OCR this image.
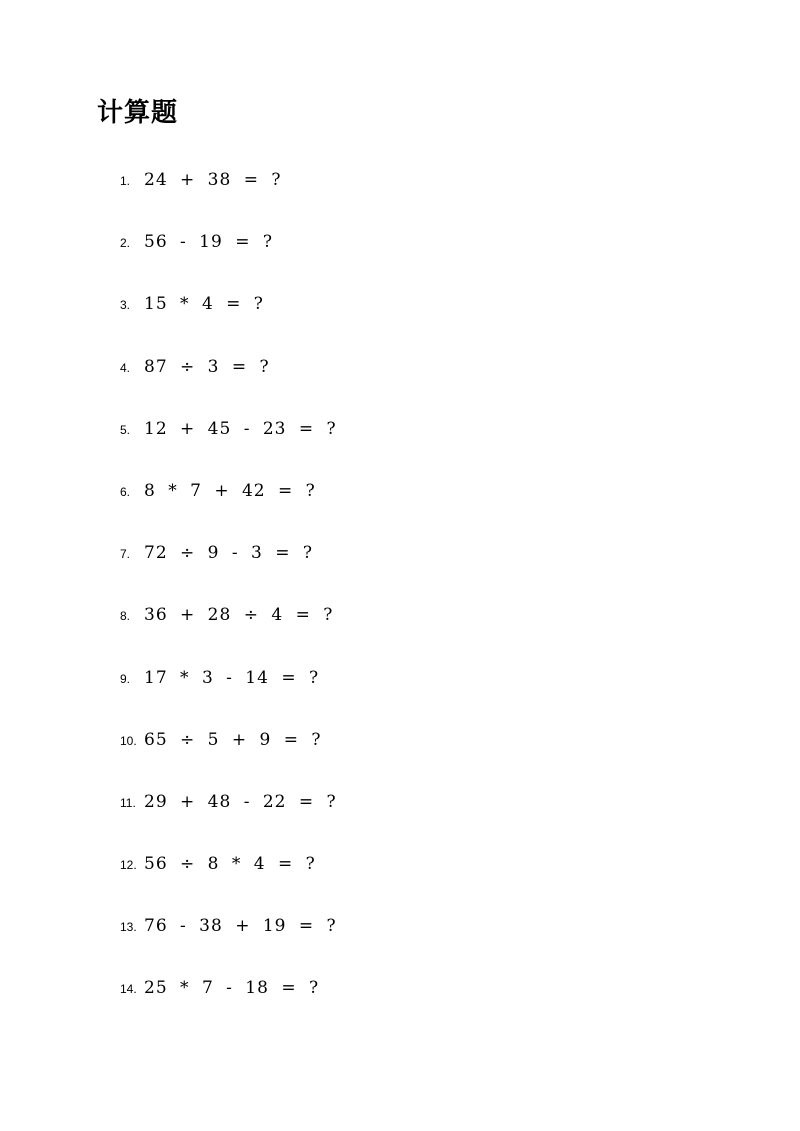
计算题
1. 24 + 38 = ?
2. 56 - 19 = ?
3. 15 * 4 = ?
4. 87 ÷ 3 = ?
5. 12 + 45 - 23 = ?
6. 8 * 7 + 42 = ?
7. 72 ÷ 9 - 3 = ?
8. 36 + 28 ÷ 4 = ?
9. 17 * 3 - 14 = ?
10. 65 ÷ 5 + 9 = ?
11. 29 + 48 - 22 = ?
12. 56 ÷ 8 * 4 = ?
13. 76 - 38 + 19 = ?
14. 25 * 7 - 18 = ?
